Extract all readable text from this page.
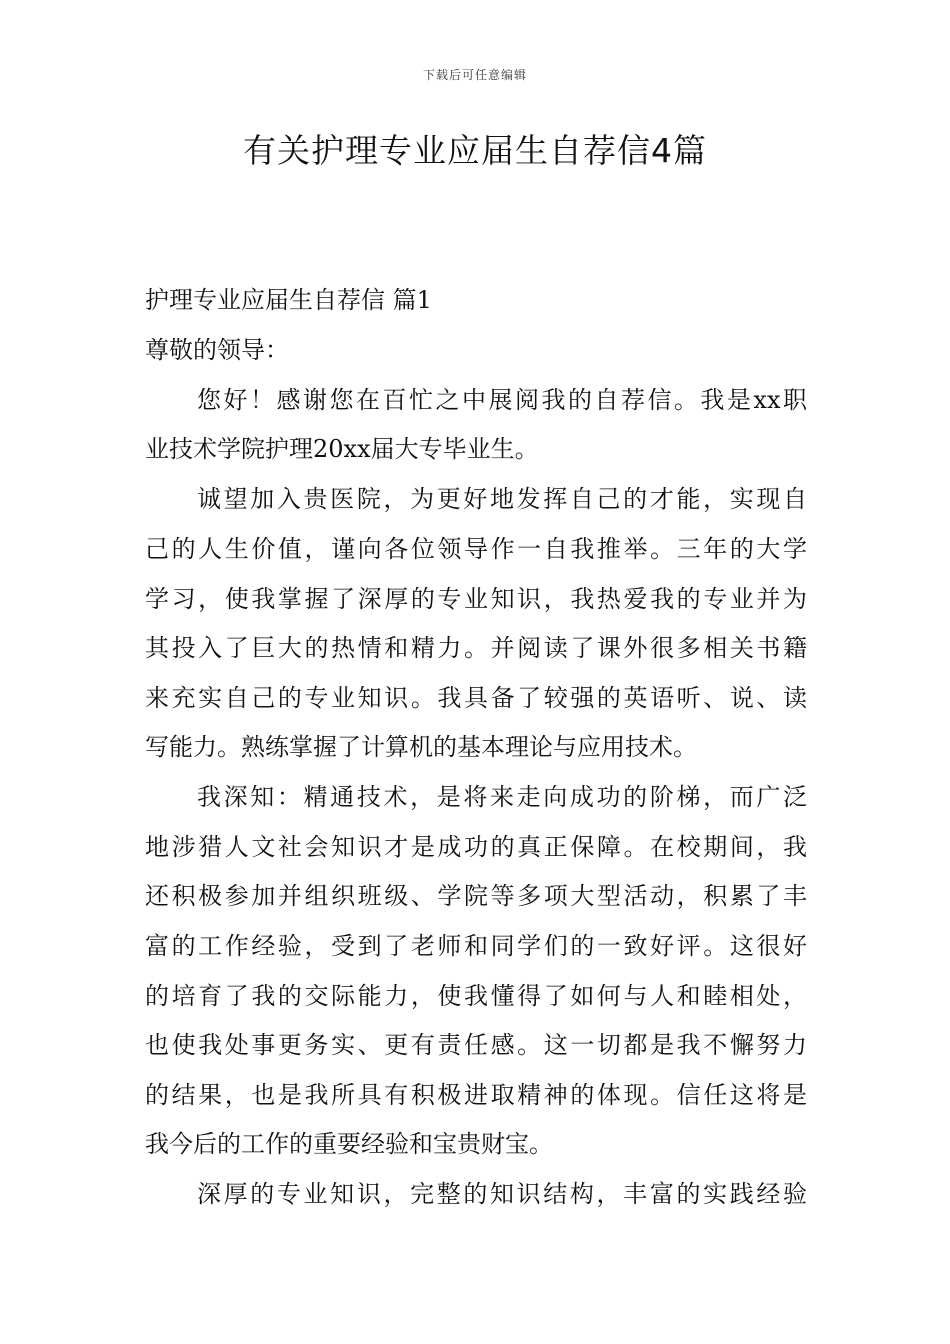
下载后可任意编辑
有关护理专业应届生自荐信4篇
护理专业应届生自荐信 篇1
尊敬的领导：
您好！感谢您在百忙之中展阅我的自荐信。我是xx职
业技术学院护理20xx届大专毕业生。
诚望加入贵医院，为更好地发挥自己的才能，实现自
己的人生价值，谨向各位领导作一自我推举。三年的大学
学习，使我掌握了深厚的专业知识，我热爱我的专业并为
其投入了巨大的热情和精力。并阅读了课外很多相关书籍
来充实自己的专业知识。我具备了较强的英语听、说、读
写能力。熟练掌握了计算机的基本理论与应用技术。
我深知：精通技术，是将来走向成功的阶梯，而广泛
地涉猎人文社会知识才是成功的真正保障。在校期间，我
还积极参加并组织班级、学院等多项大型活动，积累了丰
富的工作经验，受到了老师和同学们的一致好评。这很好
的培育了我的交际能力，使我懂得了如何与人和睦相处，
也使我处事更务实、更有责任感。这一切都是我不懈努力
的结果，也是我所具有积极进取精神的体现。信任这将是
我今后的工作的重要经验和宝贵财宝。
深厚的专业知识，完整的知识结构，丰富的实践经验
